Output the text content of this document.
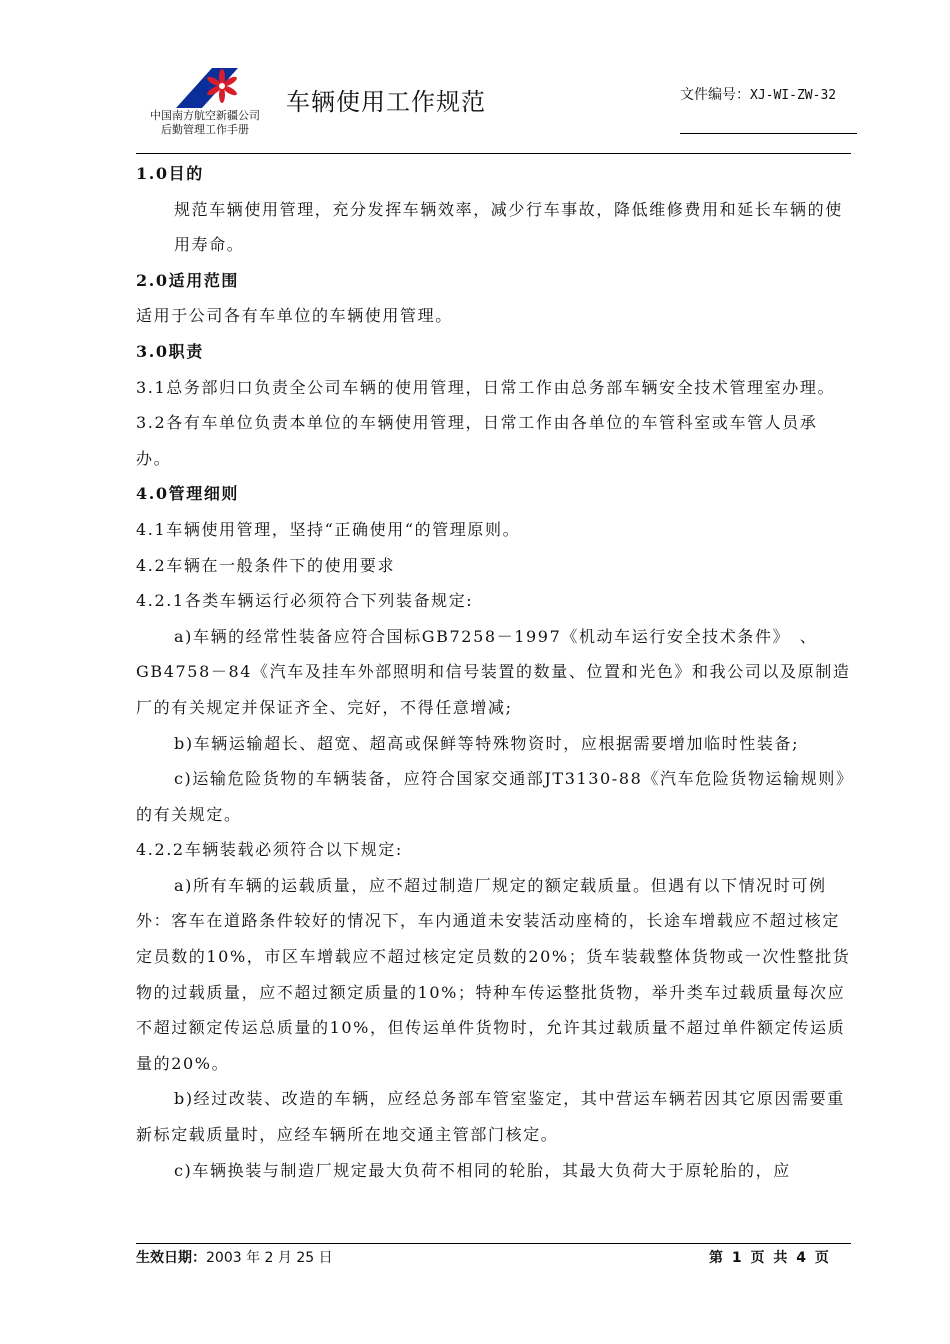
中国南方航空新疆公司
后勤管理工作手册
车辆使用工作规范	文件编号：XJ-WI-ZW-32

1.0目的

规范车辆使用管理，充分发挥车辆效率，减少行车事故，降低维修费用和延长车辆的使用寿命。

2.0适用范围

适用于公司各有车单位的车辆使用管理。

3.0职责

3.1总务部归口负责全公司车辆的使用管理，日常工作由总务部车辆安全技术管理室办理。

3.2各有车单位负责本单位的车辆使用管理，日常工作由各单位的车管科室或车管人员承办。

4.0管理细则

4.1车辆使用管理，坚持“正确使用“的管理原则。

4.2车辆在一般条件下的使用要求

4.2.1各类车辆运行必须符合下列装备规定:

a)车辆的经常性装备应符合国标GB7258－1997《机动车运行安全技术条件》　、GB4758－84《汽车及挂车外部照明和信号装置的数量、位置和光色》和我公司以及原制造厂的有关规定并保证齐全、完好，不得任意增减;

b)车辆运输超长、超宽、超高或保鲜等特殊物资时，应根据需要增加临时性装备;

c)运输危险货物的车辆装备，应符合国家交通部JT3130-88《汽车危险货物运输规则》的有关规定。

4.2.2车辆装载必须符合以下规定:

a)所有车辆的运载质量，应不超过制造厂规定的额定载质量。但遇有以下情况时可例外：客车在道路条件较好的情况下，车内通道未安装活动座椅的，长途车增载应不超过核定定员数的10%，市区车增载应不超过核定定员数的20%；货车装载整体货物或一次性整批货物的过载质量，应不超过额定质量的10%；特种车传运整批货物，举升类车过载质量每次应不超过额定传运总质量的10%，但传运单件货物时，允许其过载质量不超过单件额定传运质量的20%。

b)经过改装、改造的车辆，应经总务部车管室鉴定，其中营运车辆若因其它原因需要重新标定载质量时，应经车辆所在地交通主管部门核定。

c)车辆换装与制造厂规定最大负荷不相同的轮胎，其最大负荷大于原轮胎的，应

生效日期：2003 年 2 月 25 日	第 1 页 共 4 页
